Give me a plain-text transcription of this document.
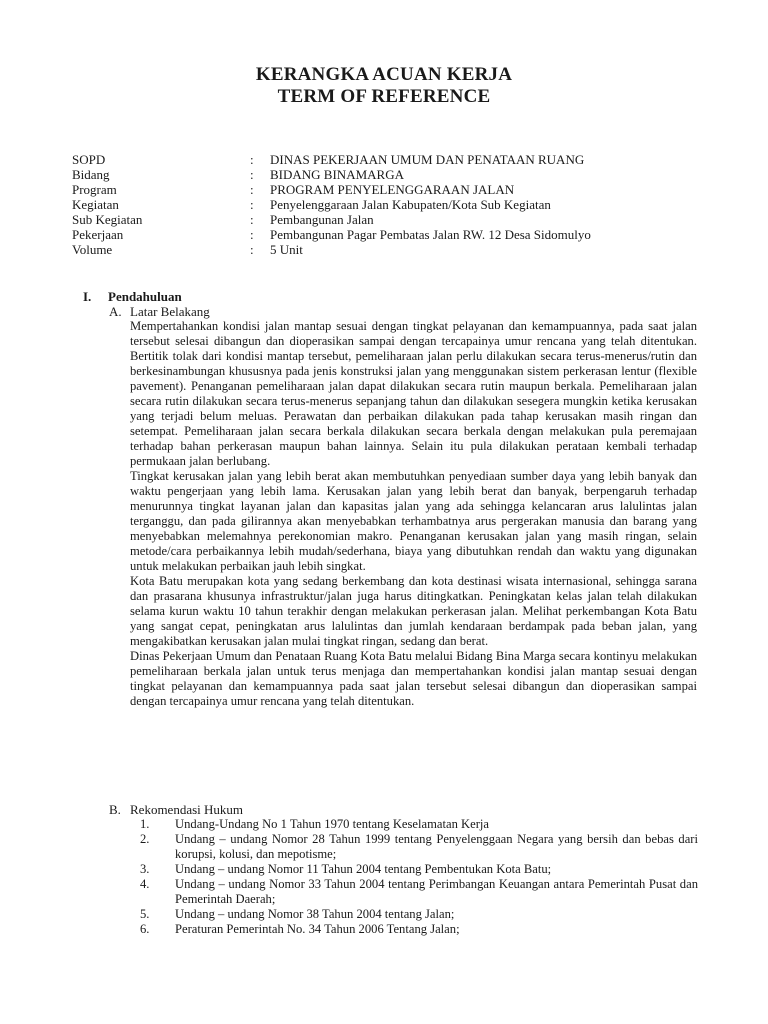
KERANGKA ACUAN KERJA
TERM OF REFERENCE
SOPD	: DINAS PEKERJAAN UMUM DAN PENATAAN RUANG
Bidang	: BIDANG BINAMARGA
Program	: PROGRAM PENYELENGGARAAN JALAN
Kegiatan	: Penyelenggaraan Jalan Kabupaten/Kota Sub Kegiatan
Sub Kegiatan	: Pembangunan Jalan
Pekerjaan	: Pembangunan Pagar Pembatas Jalan RW. 12 Desa Sidomulyo
Volume	: 5 Unit
I. Pendahuluan
A. Latar Belakang

Mempertahankan kondisi jalan mantap sesuai dengan tingkat pelayanan dan kemampuannya, pada saat jalan tersebut selesai dibangun dan dioperasikan sampai dengan tercapainya umur rencana yang telah ditentukan. Bertitik tolak dari kondisi mantap tersebut, pemeliharaan jalan perlu dilakukan secara terus-menerus/rutin dan berkesinambungan khususnya pada jenis konstruksi jalan yang menggunakan sistem perkerasan lentur (flexible pavement). Penanganan pemeliharaan jalan dapat dilakukan secara rutin maupun berkala. Pemeliharaan jalan secara rutin dilakukan secara terus-menerus sepanjang tahun dan dilakukan sesegera mungkin ketika kerusakan yang terjadi belum meluas. Perawatan dan perbaikan dilakukan pada tahap kerusakan masih ringan dan setempat. Pemeliharaan jalan secara berkala dilakukan secara berkala dengan melakukan pula peremajaan terhadap bahan perkerasan maupun bahan lainnya. Selain itu pula dilakukan perataan kembali terhadap permukaan jalan berlubang.

Tingkat kerusakan jalan yang lebih berat akan membutuhkan penyediaan sumber daya yang lebih banyak dan waktu pengerjaan yang lebih lama. Kerusakan jalan yang lebih berat dan banyak, berpengaruh terhadap menurunnya tingkat layanan jalan dan kapasitas jalan yang ada sehingga kelancaran arus lalulintas jalan terganggu, dan pada gilirannya akan menyebabkan terhambatnya arus pergerakan manusia dan barang yang menyebabkan melemahnya perekonomian makro. Penanganan kerusakan jalan yang masih ringan, selain metode/cara perbaikannya lebih mudah/sederhana, biaya yang dibutuhkan rendah dan waktu yang digunakan untuk melakukan perbaikan jauh lebih singkat.

Kota Batu merupakan kota yang sedang berkembang dan kota destinasi wisata internasional, sehingga sarana dan prasarana khusunya infrastruktur/jalan juga harus ditingkatkan. Peningkatan kelas jalan telah dilakukan selama kurun waktu 10 tahun terakhir dengan melakukan perkerasan jalan. Melihat perkembangan Kota Batu yang sangat cepat, peningkatan arus lalulintas dan jumlah kendaraan berdampak pada beban jalan, yang mengakibatkan kerusakan jalan mulai tingkat ringan, sedang dan berat.

Dinas Pekerjaan Umum dan Penataan Ruang Kota Batu melalui Bidang Bina Marga secara kontinyu melakukan pemeliharaan berkala jalan untuk terus menjaga dan mempertahankan kondisi jalan mantap sesuai dengan tingkat pelayanan dan kemampuannya pada saat jalan tersebut selesai dibangun dan dioperasikan sampai dengan tercapainya umur rencana yang telah ditentukan.

B. Rekomendasi Hukum
1. Undang-Undang No 1 Tahun 1970 tentang Keselamatan Kerja
2. Undang – undang Nomor 28 Tahun 1999 tentang Penyelenggaan Negara yang bersih dan bebas dari korupsi, kolusi, dan mepotisme;
3. Undang – undang Nomor 11 Tahun 2004 tentang Pembentukan Kota Batu;
4. Undang – undang Nomor 33 Tahun 2004 tentang Perimbangan Keuangan antara Pemerintah Pusat dan Pemerintah Daerah;
5. Undang – undang Nomor 38 Tahun 2004 tentang Jalan;
6. Peraturan Pemerintah No. 34 Tahun 2006 Tentang Jalan;
